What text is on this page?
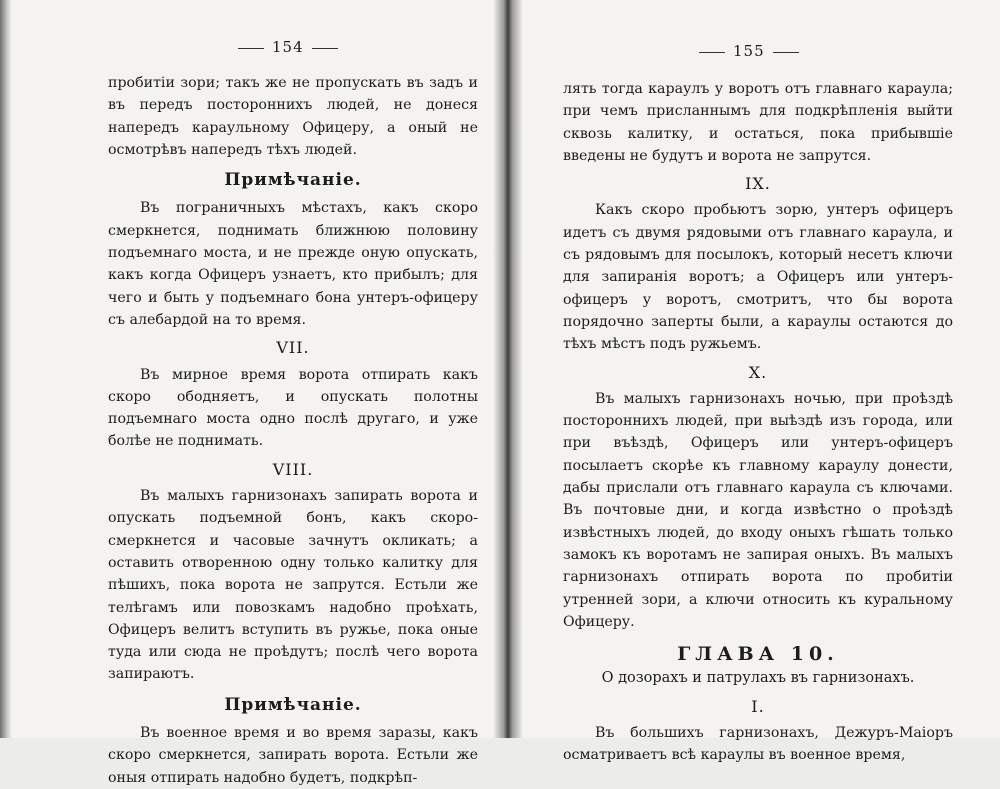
154

пробитіи зори; такъ же не пропускать въ задъ и въ передъ постороннихъ людей, не донеся напередъ караульному Офицеру, а оный не осмотрѣвъ напередъ тѣхъ людей.

Примѣчаніе.

Въ пограничныхъ мѣстахъ, какъ скоро смеркнется, поднимать ближнюю половину подъемнаго моста, и не прежде оную опускать, какъ когда Офицеръ узнаетъ, кто прибылъ; для чего и быть у подъемнаго бона унтеръ-офицеру съ алебардой на то время.

VII.

Въ мирное время ворота отпирать какъ скоро ободняетъ, и опускать полотны подъемнаго моста одно послѣ другаго, и уже болѣе не поднимать.

VIII.

Въ малыхъ гарнизонахъ запирать ворота и опускать подъемной бонъ, какъ скоро-смеркнется и часовые зачнутъ окликать; а оставить отворенною одну только калитку для пѣшихъ, пока ворота не запрутся. Естьли же телѣгамъ или повозкамъ надобно проѣхать, Офицеръ велитъ вступить въ ружье, пока оные туда или сюда не проѣдутъ; послѣ чего ворота запираютъ.

Примѣчаніе.

Въ военное время и во время заразы, какъ скоро смеркнется, запирать ворота. Естьли же оныя отпирать надобно будетъ, подкрѣп-

155

лять тогда караулъ у воротъ отъ главнаго караула; при чемъ присланнымъ для подкрѣпленія выйти сквозь калитку, и остаться, пока прибывшіе введены не будутъ и ворота не запрутся.

IX.

Какъ скоро пробьютъ зорю, унтеръ офицеръ идетъ съ двумя рядовыми отъ главнаго караула, и съ рядовымъ для посылокъ, который несетъ ключи для запиранія воротъ; а Офицеръ или унтеръ-офицеръ у воротъ, смотритъ, что бы ворота порядочно заперты были, а караулы остаются до тѣхъ мѣстъ подъ ружьемъ.

X.

Въ малыхъ гарнизонахъ ночью, при проѣздѣ постороннихъ людей, при выѣздѣ изъ города, или при въѣздѣ, Офицеръ или унтеръ-офицеръ посылаетъ скорѣе къ главному караулу донести, дабы прислали отъ главнаго караула съ ключами. Въ почтовые дни, и когда извѣстно о проѣздѣ извѣстныхъ людей, до входу оныхъ гѣшать только замокъ къ воротамъ не запирая оныхъ. Въ малыхъ гарнизонахъ отпирать ворота по пробитіи утренней зори, а ключи относить къ куральному Офицеру.

ГЛАВА 10.
О дозорахъ и патрулахъ въ гарнизонахъ.
I.

Въ большихъ гарнизонахъ, Дежуръ-Маіоръ осматриваетъ всѣ караулы въ военное время,
